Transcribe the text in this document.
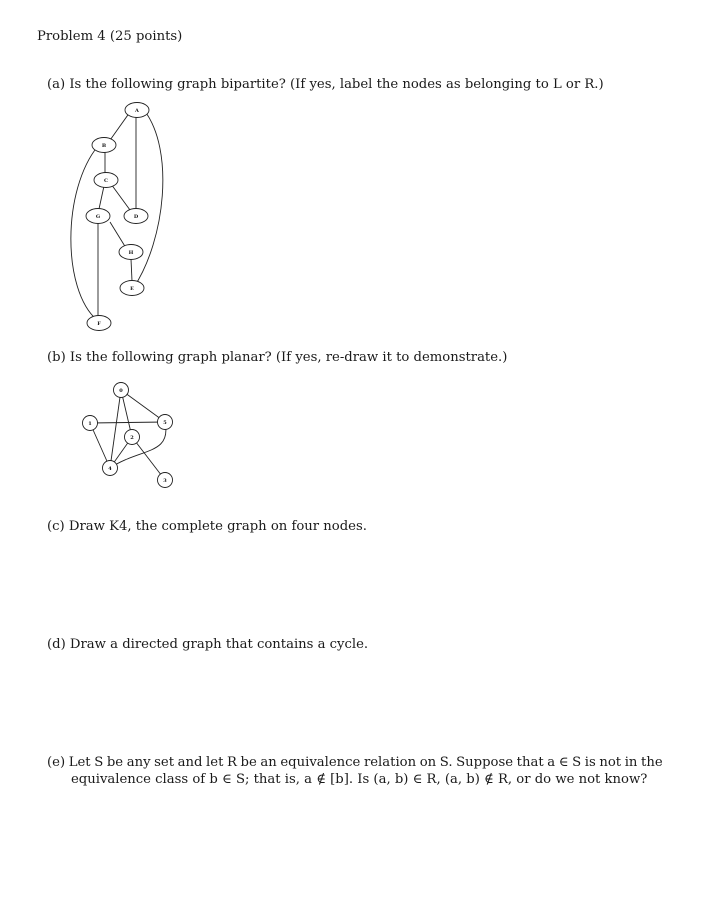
Problem 4 (25 points)
(a) Is the following graph bipartite? (If yes, label the nodes as belonging to L or R.)
A
B
C
G	D
H
E
F
(b) Is the following graph planar? (If yes, re-draw it to demonstrate.)
0
1
2
5
4
3
(c) Draw K4, the complete graph on four nodes.
(d) Draw a directed graph that contains a cycle.
(e) Let S be any set and let R be an equivalence relation on S. Suppose that a ∈ S is not in the
equivalence class of b ∈ S; that is, a ∉ [b]. Is (a, b) ∈ R, (a, b) ∉ R, or do we not know?
